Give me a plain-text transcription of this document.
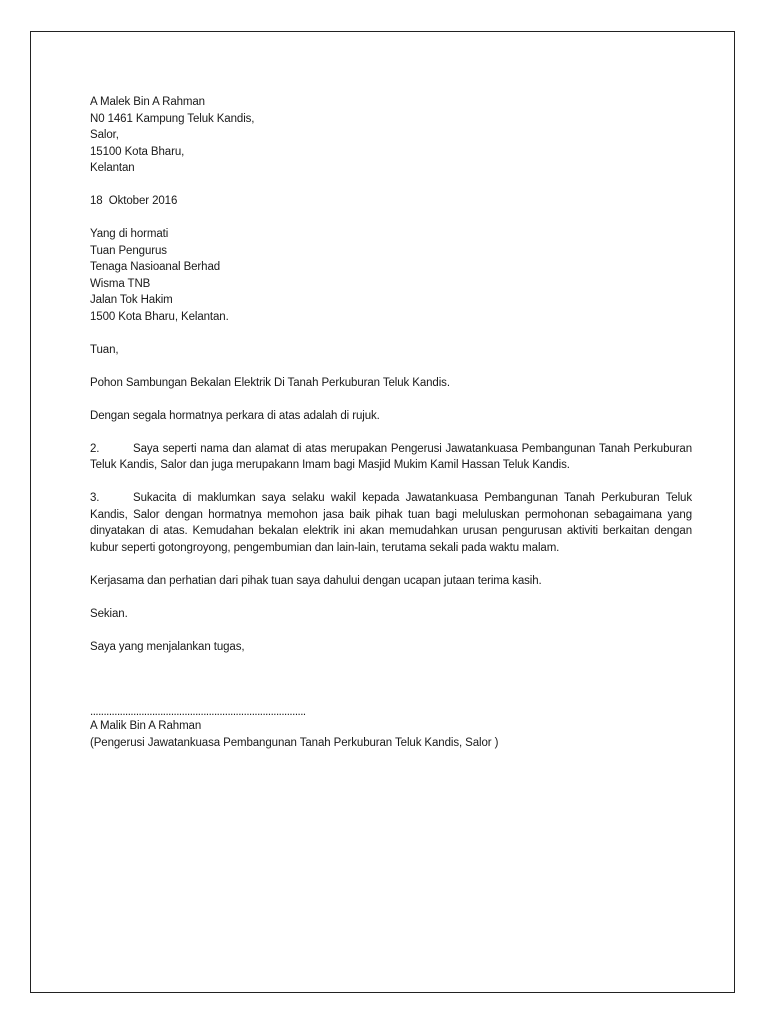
A Malek Bin A Rahman
N0 1461 Kampung Teluk Kandis,
Salor,
15100 Kota Bharu,
Kelantan
18  Oktober 2016
Yang di hormati
Tuan Pengurus
Tenaga Nasioanal Berhad
Wisma TNB
Jalan Tok Hakim
1500 Kota Bharu, Kelantan.
Tuan,
Pohon Sambungan Bekalan Elektrik Di Tanah Perkuburan Teluk Kandis.
Dengan segala hormatnya perkara di atas adalah di rujuk.
2.	Saya seperti nama dan alamat di atas merupakan Pengerusi Jawatankuasa Pembangunan Tanah Perkuburan Teluk Kandis, Salor dan juga merupakann Imam bagi Masjid Mukim Kamil Hassan Teluk Kandis.
3.	Sukacita di maklumkan saya selaku wakil kepada Jawatankuasa Pembangunan Tanah Perkuburan Teluk Kandis, Salor dengan hormatnya memohon jasa baik pihak tuan bagi meluluskan permohonan sebagaimana yang dinyatakan di atas. Kemudahan bekalan elektrik ini akan memudahkan urusan pengurusan aktiviti berkaitan dengan kubur seperti gotongroyong, pengembumian dan lain-lain, terutama sekali pada waktu malam.
Kerjasama dan perhatian dari pihak tuan saya dahului dengan ucapan jutaan terima kasih.
Sekian.
Saya yang menjalankan tugas,
................................................................................
A Malik Bin A Rahman
(Pengerusi Jawatankuasa Pembangunan Tanah Perkuburan Teluk Kandis, Salor )
